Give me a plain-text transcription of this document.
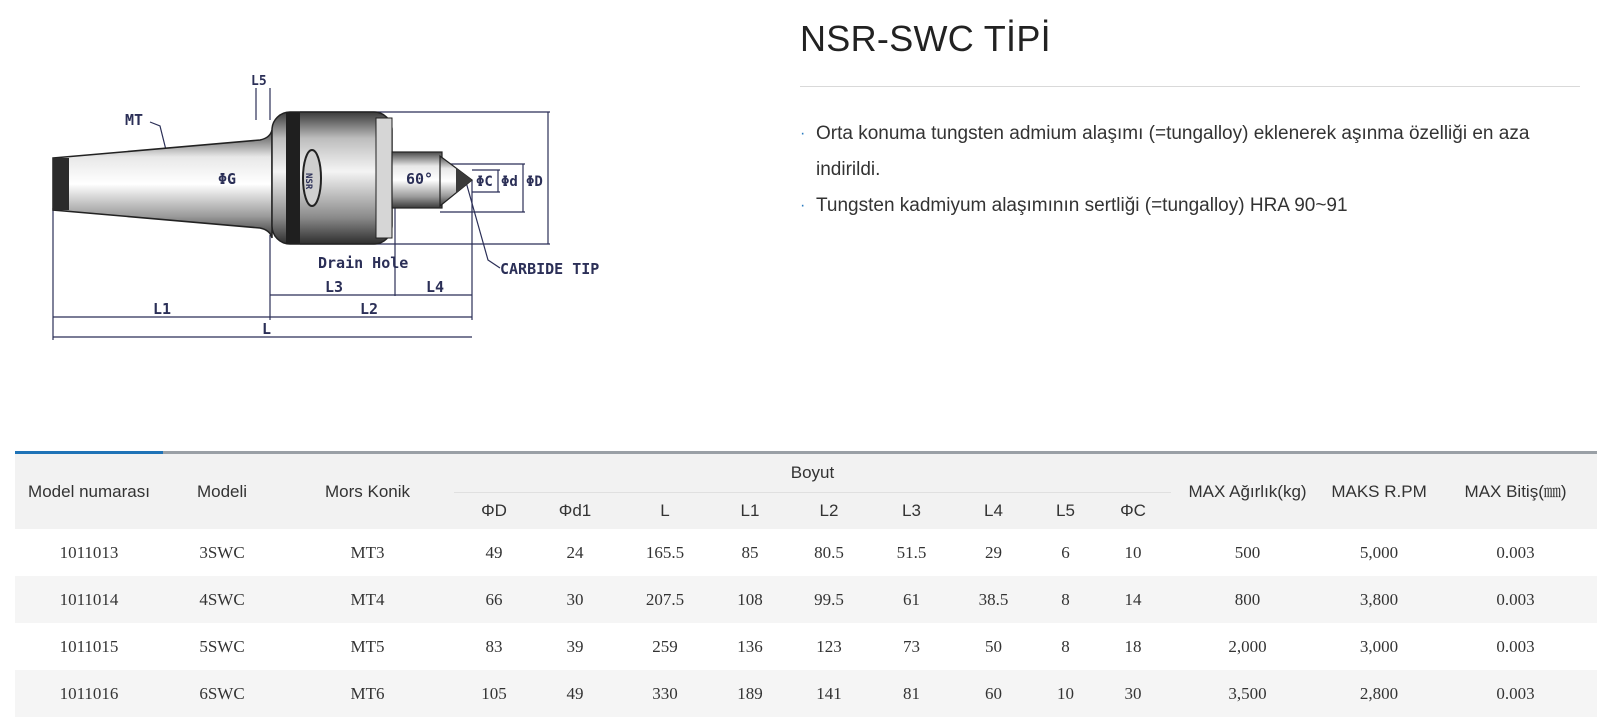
MT
L5
ΦG	60°	ΦC Φd ΦD
NSR
Drain Hole	CARBIDE TIP
L3	L4
L1	L2
L
NSR-SWC TİPİ
· Orta konuma tungsten admium alaşımı (=tungalloy) eklenerek aşınma özelliği en aza indirildi.
· Tungsten kadmiyum alaşımının sertliği (=tungalloy) HRA 90~91
Model numarası	Modeli	Mors Konik	Boyut									MAX Ağırlık(kg)	MAKS R.PM	MAX Bitiş(㎜)
			ΦD	Φd1	L	L1	L2	L3	L4	L5	ΦC			
1011013	3SWC	MT3	49	24	165.5	85	80.5	51.5	29	6	10	500	5,000	0.003
1011014	4SWC	MT4	66	30	207.5	108	99.5	61	38.5	8	14	800	3,800	0.003
1011015	5SWC	MT5	83	39	259	136	123	73	50	8	18	2,000	3,000	0.003
1011016	6SWC	MT6	105	49	330	189	141	81	60	10	30	3,500	2,800	0.003
